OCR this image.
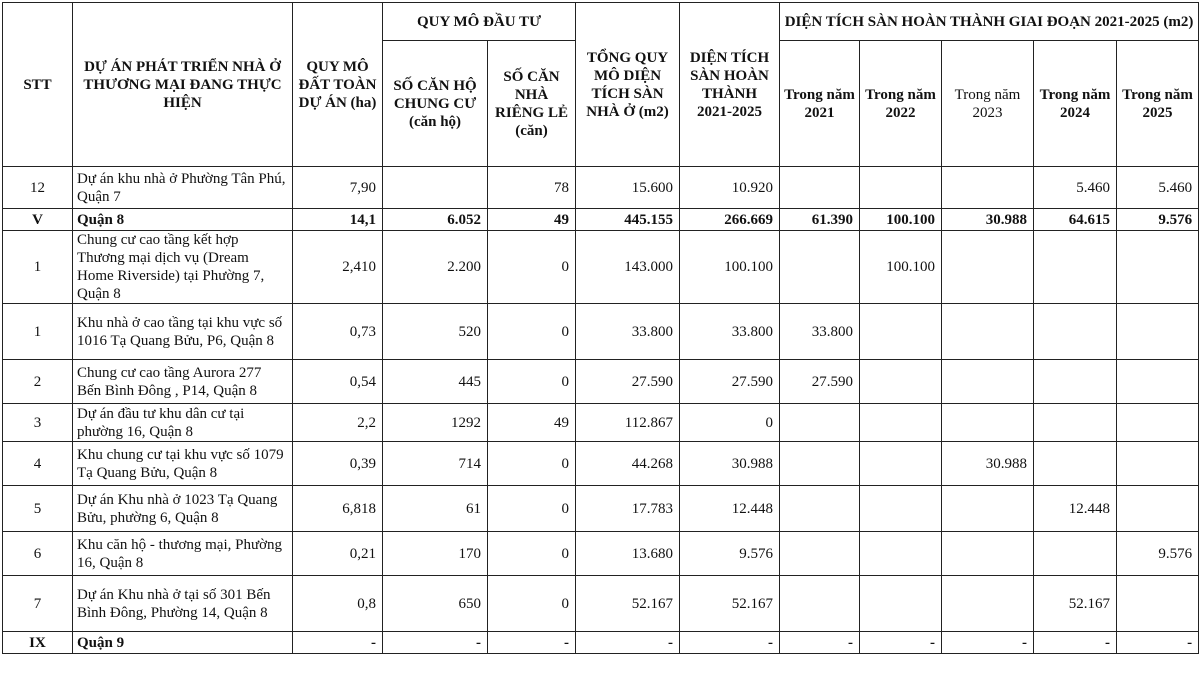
STT	DỰ ÁN PHÁT TRIỂN NHÀ Ở THƯƠNG MẠI ĐANG THỰC HIỆN	QUY MÔ ĐẤT TOÀN DỰ ÁN (ha)	QUY MÔ ĐẦU TƯ		TỔNG QUY MÔ DIỆN TÍCH SÀN NHÀ Ở (m2)	DIỆN TÍCH SÀN HOÀN THÀNH 2021-2025	DIỆN TÍCH SÀN HOÀN THÀNH GIAI ĐOẠN 2021-2025 (m2)				
			SỐ CĂN HỘ CHUNG CƯ (căn hộ)	SỐ CĂN NHÀ RIÊNG LẺ (căn)			Trong năm 2021	Trong năm 2022	Trong năm 2023	Trong năm 2024	Trong năm 2025
12	Dự án khu nhà ở Phường Tân Phú, Quận 7	7,90		78	15.600	10.920				5.460	5.460
V	Quận 8	14,1	6.052	49	445.155	266.669	61.390	100.100	30.988	64.615	9.576
1	Chung cư cao tầng kết hợp Thương mại dịch vụ (Dream Home Riverside) tại Phường 7, Quận 8	2,410	2.200	0	143.000	100.100		100.100			
1	Khu nhà ở cao tầng tại khu vực số 1016 Tạ Quang Bửu, P6, Quận 8	0,73	520	0	33.800	33.800	33.800				
2	Chung cư cao tầng Aurora 277 Bến Bình Đông , P14, Quận 8	0,54	445	0	27.590	27.590	27.590				
3	Dự án đầu tư khu dân cư tại phường 16, Quận 8	2,2	1292	49	112.867	0					
4	Khu chung cư tại khu vực số 1079 Tạ Quang Bửu, Quận 8	0,39	714	0	44.268	30.988			30.988		
5	Dự án Khu nhà ở 1023 Tạ Quang Bửu, phường 6, Quận 8	6,818	61	0	17.783	12.448				12.448	
6	Khu căn hộ - thương mại, Phường 16, Quận 8	0,21	170	0	13.680	9.576					9.576
7	Dự án Khu nhà ở tại số 301 Bến Bình Đông, Phường 14, Quận 8	0,8	650	0	52.167	52.167				52.167	
IX	Quận 9	-	-	-	-	-	-	-	-	-	-
